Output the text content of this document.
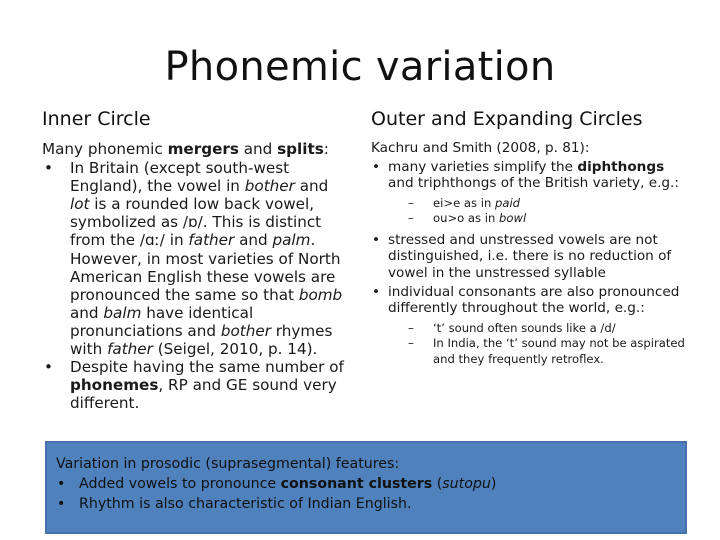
Phonemic variation
Inner Circle	Outer and Expanding Circles

Many phonemic mergers and splits:

• In Britain (except south-west England), the vowel in bother and lot is a rounded low back vowel, symbolized as /ɒ/. This is distinct from the /ɑː/ in father and palm. However, in most varieties of North American English these vowels are pronounced the same so that bomb and balm have identical pronunciations and bother rhymes with father (Seigel, 2010, p. 14).

• Despite having the same number of phonemes, RP and GE sound very different.

Kachru and Smith (2008, p. 81):

• many varieties simplify the diphthongs and triphthongs of the British variety, e.g.:

– ei>e as in paid

– ou>o as in bowl

• stressed and unstressed vowels are not distinguished, i.e. there is no reduction of vowel in the unstressed syllable

• individual consonants are also pronounced differently throughout the world, e.g.:

– ‘t’ sound often sounds like a /d/

– In India, the ‘t’ sound may not be aspirated and they frequently retroflex.

Variation in prosodic (suprasegmental) features:

• Added vowels to pronounce consonant clusters (sutopu)

• Rhythm is also characteristic of Indian English.
